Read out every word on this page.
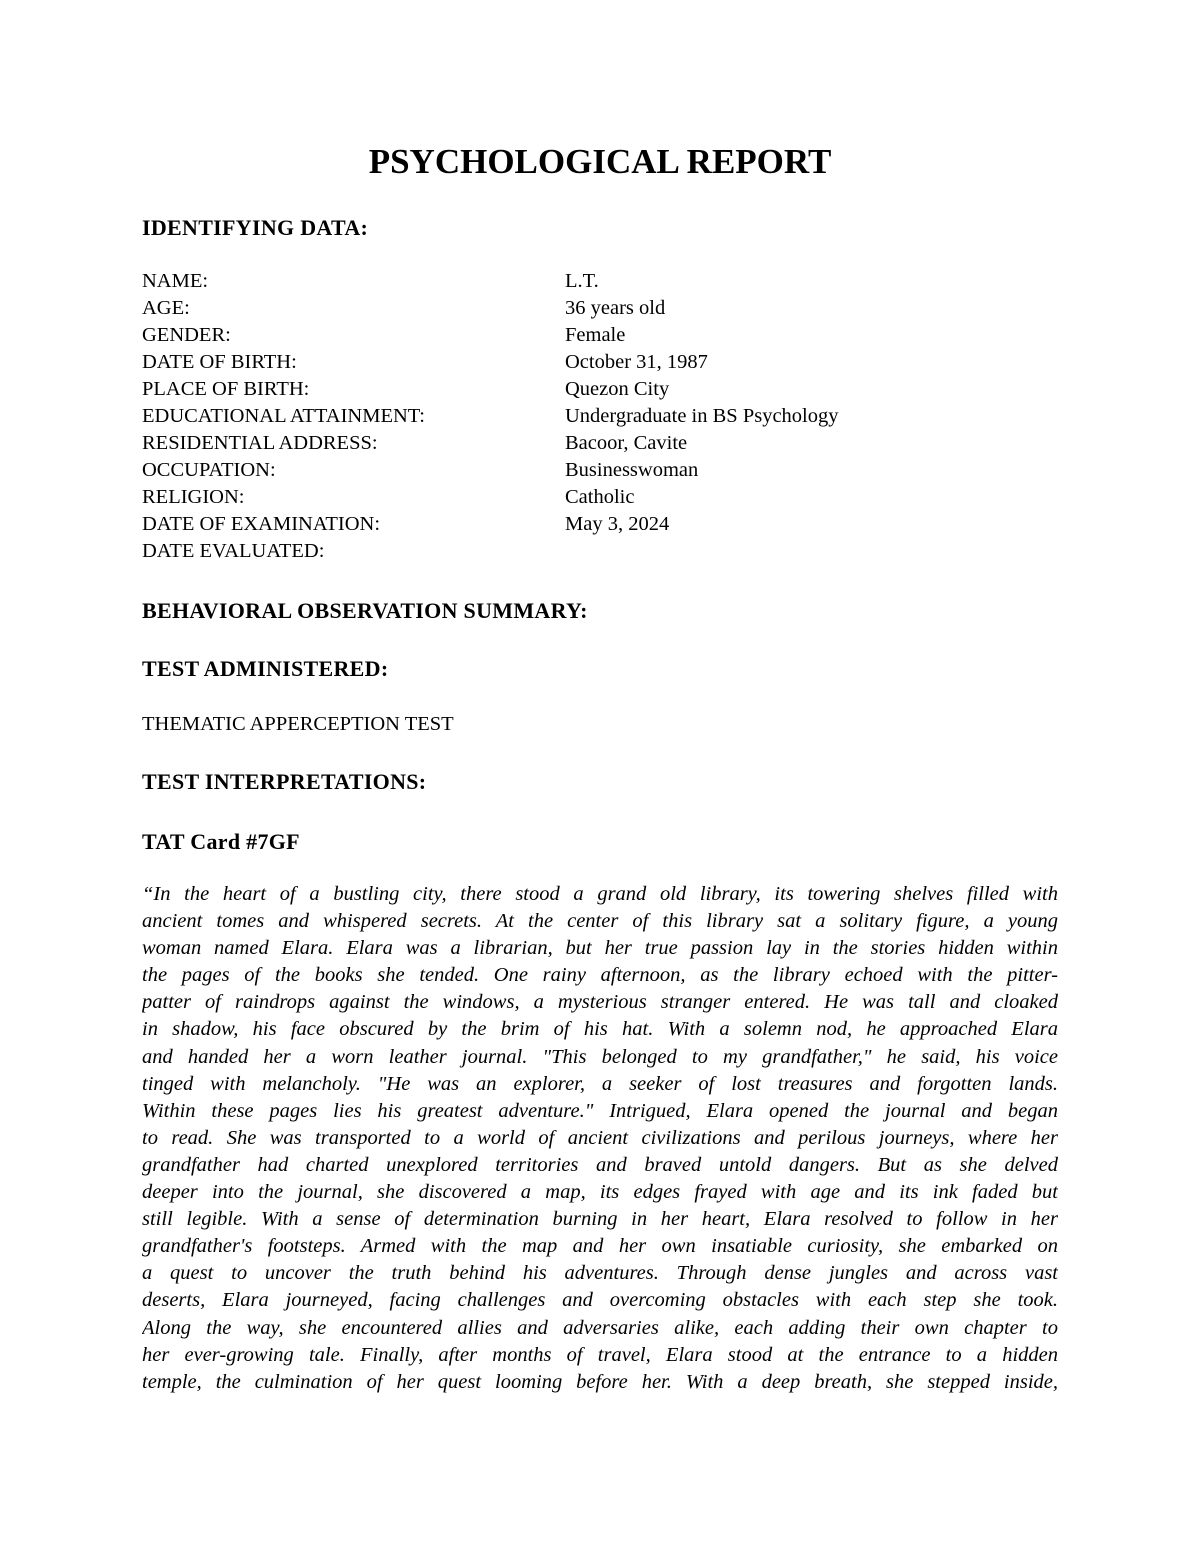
PSYCHOLOGICAL REPORT
IDENTIFYING DATA:
NAME:	L.T.
AGE:	36 years old
GENDER:	Female
DATE OF BIRTH:	October 31, 1987
PLACE OF BIRTH:	Quezon City
EDUCATIONAL ATTAINMENT:	Undergraduate in BS Psychology
RESIDENTIAL ADDRESS:	Bacoor, Cavite
OCCUPATION:	Businesswoman
RELIGION:	Catholic
DATE OF EXAMINATION:	May 3, 2024
DATE EVALUATED:
BEHAVIORAL OBSERVATION SUMMARY:
TEST ADMINISTERED:
THEMATIC APPERCEPTION TEST
TEST INTERPRETATIONS:
TAT Card #7GF
“In the heart of a bustling city, there stood a grand old library, its towering shelves filled with
ancient tomes and whispered secrets. At the center of this library sat a solitary figure, a young
woman named Elara. Elara was a librarian, but her true passion lay in the stories hidden within
the pages of the books she tended. One rainy afternoon, as the library echoed with the pitter-
patter of raindrops against the windows, a mysterious stranger entered. He was tall and cloaked
in shadow, his face obscured by the brim of his hat. With a solemn nod, he approached Elara
and handed her a worn leather journal. "This belonged to my grandfather," he said, his voice
tinged with melancholy. "He was an explorer, a seeker of lost treasures and forgotten lands.
Within these pages lies his greatest adventure." Intrigued, Elara opened the journal and began
to read. She was transported to a world of ancient civilizations and perilous journeys, where her
grandfather had charted unexplored territories and braved untold dangers. But as she delved
deeper into the journal, she discovered a map, its edges frayed with age and its ink faded but
still legible. With a sense of determination burning in her heart, Elara resolved to follow in her
grandfather's footsteps. Armed with the map and her own insatiable curiosity, she embarked on
a quest to uncover the truth behind his adventures. Through dense jungles and across vast
deserts, Elara journeyed, facing challenges and overcoming obstacles with each step she took.
Along the way, she encountered allies and adversaries alike, each adding their own chapter to
her ever-growing tale. Finally, after months of travel, Elara stood at the entrance to a hidden
temple, the culmination of her quest looming before her. With a deep breath, she stepped inside,
